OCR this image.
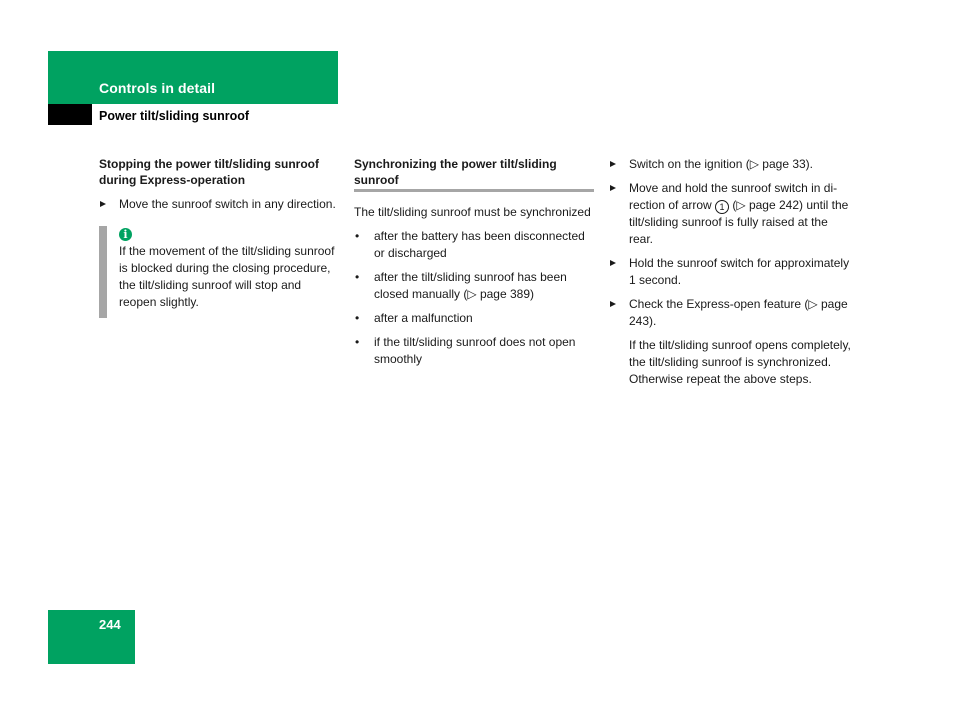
Controls in detail
Power tilt/sliding sunroof
Stopping the power tilt/sliding sunroof during Express-operation
Move the sunroof switch in any direction.
i
If the movement of the tilt/sliding sunroof is blocked during the closing procedure, the tilt/sliding sunroof will stop and reopen slightly.
Synchronizing the power tilt/sliding sunroof

The tilt/sliding sunroof must be synchronized

• after the battery has been disconnected or discharged
• after the tilt/sliding sunroof has been closed manually (▷ page 389)
• after a malfunction
• if the tilt/sliding sunroof does not open smoothly
Switch on the ignition (▷ page 33).
Move and hold the sunroof switch in di-rection of arrow 1 (▷ page 242) until the tilt/sliding sunroof is fully raised at the rear.
Hold the sunroof switch for approximately 1 second.
Check the Express-open feature (▷ page 243).

If the tilt/sliding sunroof opens completely, the tilt/sliding sunroof is synchronized. Otherwise repeat the above steps.

244
